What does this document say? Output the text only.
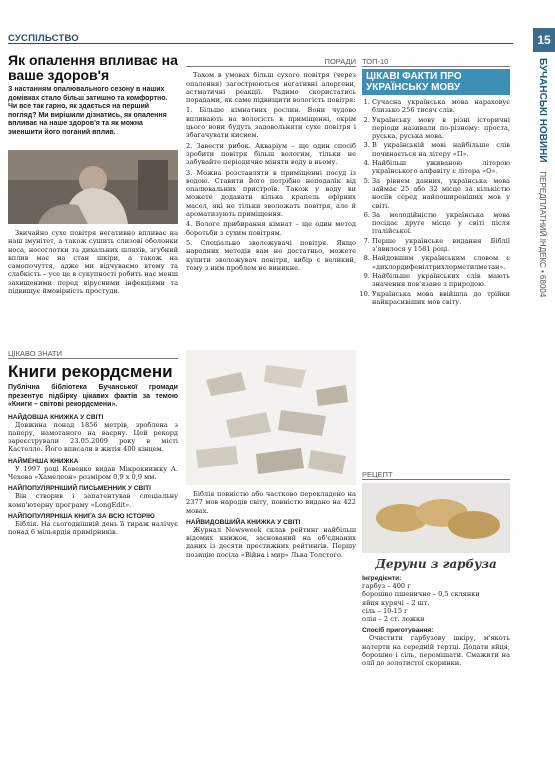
СУСПІЛЬСТВО	15
БУЧАНСЬКІ НОВИНИ    ПЕРЕДПЛАТНИЙ ІНДЕКС • 68004
Як опалення впливає на ваше здоров'я
З настанням опалювального сезону в наших домівках стало більш затишно та комфортно. Чи все так гарно, як здається на перший погляд? Ми вирішили дізнатись, як опалення впливає на наше здоров'я та як можна зменшити його поганий вплив.

Звичайно сухе повітря негативно впливає на наш імунітет, а також сушить слизові оболонки носа, носоглотки та дихальних шляхів, згубний вплив має на стан шкіри, а також на самопочуття, адже ми відчуваємо втому та слабкість – усе це в сукупності робить нас менш захищеними перед вірусними інфекціями та підвищує ймовірність простуди.

ПОРАДИ

Тахом в умовах більш сухого повітря (через опалення) загострюються негативні алергени, астматичні реакції. Радимо скористатись порадами, як саме підвищити вологість повітря:

1. Більше кімнатних рослин. Вони чудово впливають на вологість в приміщенні, окрім цього вони будуть задовольняти сухе повітря і збагачувати киснем.

2. Завести рибок. Акваріум – ще один спосіб зробити повітря більш вологим, тільки не забувайте періодично міняти воду в ньому.

3. Можна розставляти в приміщенні посуд із водою. Ставити його потрібно неподалік від опалювальних пристроїв. Також у воду ви можете додавати кілька крапель ефірних масел, які не тільки зволожать повітря, але й ароматизують приміщення.

4. Вологе прибирання кімнат – ще один метод боротьби з сухим повітрям.

5. Спеціально зволожувачі повітря. Якщо народних методів вам не достатньо, можете купити зволожувач повітря, вибір є великий, тому з ним проблем не виникне.

ТОП-10
ЦІКАВІ ФАКТИ ПРО УКРАЇНСЬКУ МОВУ
1. Сучасна українська мова нараховує близько 256 тисяч слів.
2. Українську мову в різні історичні періоди називали по-різному: проста, руська, руська мова.
3. В українській мові найбільше слів починається на літеру «П».
4. Найбільш уживаною літерою українського алфавіту є літера «О».
5. За рівнем данних, українська мова займає 25 або 32 місце за кількістю носіїв серед найпоширеніших мов у світі.
6. За мелодійністю українська мова посідає друге місце у світі після італійської.
7. Перше українське видання Біблії з'явилося у 1581 році.
8. Найдовшим українським словом є «дихлордифенілтрихлорметилметан».
9. Найбільше українських слів мають значення пов'язане з природою.
10. Українська мова ввійшла до трійки найкрасивіших мов світу.
ЦІКАВО ЗНАТИ
Книги рекордсмени
Публічна бібліотека Бучанської громади презентує підбірку цікавих фактів за темою «Книги – світові рекордсмени».
НАЙДОВША КНИЖКА У СВІТІ

Довжина понад 1856 метрів, зроблена з паперу, намотаного на ваєрну. Цей рекорд зареєстрували 23.05.2009 року в місті Кастелло. Його вписали в житія 400 кінцем.

НАЙМЕНША КНИЖКА

У 1997 році Ковенко видав Мікрокнижку А. Чехова «Хамелеон» розміром 0,9 х 0,9 мм.

НАЙПОПУЛЯРНІШИЙ ПИСЬМЕННИК У СВІТІ

Він створив і запатентував спеціальну комп'ютерну програму «LongEdit».

НАЙПОПУЛЯРНІША КНИГА ЗА ВСЮ ІСТОРІЮ

Біблія. На сьогоднішній день її тираж налічує понад 6 мільярдів примірників.

Біблія повністю або частково перекладено на 2377 мов народів світу, повністю видано на 422 мовах.

НАЙВИДОВШИЙА КНИЖКА У СВІТІ

Журнал Newsweek склав рейтинг найбільш відомих книжок, заснований на об'єднаних даних із десяти престижних рейтингів. Першу позицію посіла «Війна і мир» Льва Толстого.

РЕЦЕПТ
Деруни з гарбуза
Інгредієнти:
гарбуз – 400 г
борошно пшеничне – 0,5 склянки
яйця курячі – 2 шт.
сіль – 10-15 г
олія – 2 ст. ложки
Спосіб приготування:

Очистити гарбузову шкіру, м'якоть натерти на середній тертці. Додати яйця, борошно і сіль, перемішати. Смажити на олії до золотистої скоринки.
